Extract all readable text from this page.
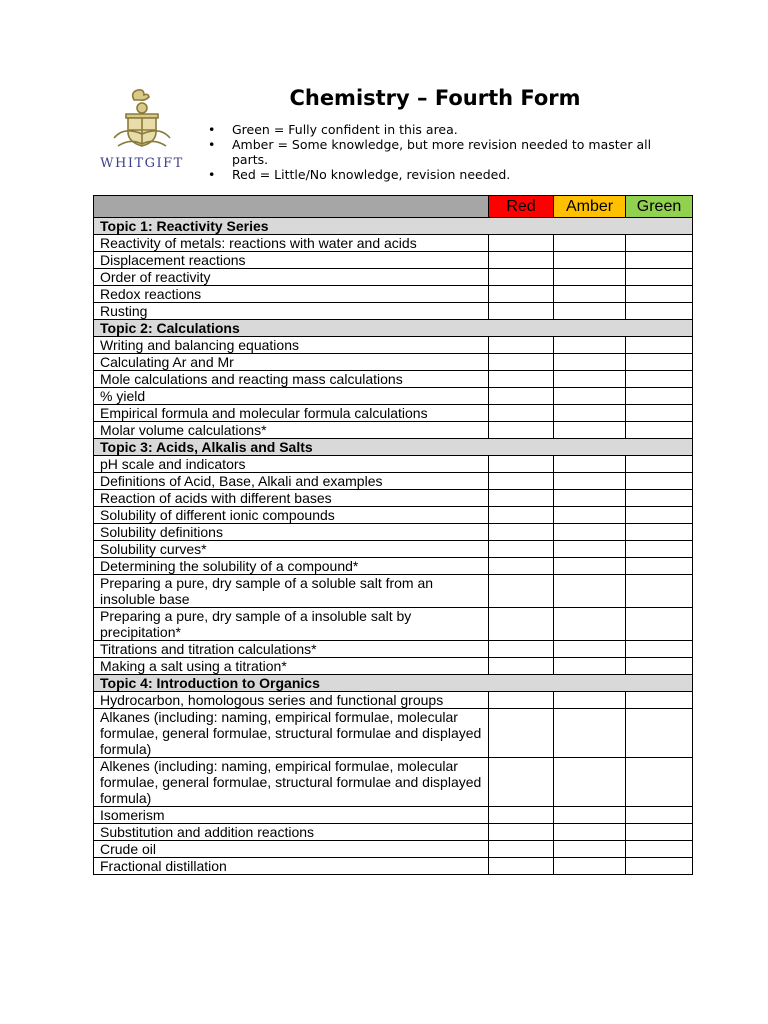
WHITGIFT
Chemistry – Fourth Form
• Green = Fully confident in this area.
• Amber = Some knowledge, but more revision needed to master all parts.
• Red = Little/No knowledge, revision needed.
	Red	Amber	Green
Topic 1: Reactivity Series			
Reactivity of metals: reactions with water and acids			
Displacement reactions			
Order of reactivity			
Redox reactions			
Rusting			
Topic 2: Calculations			
Writing and balancing equations			
Calculating Ar and Mr			
Mole calculations and reacting mass calculations			
% yield			
Empirical formula and molecular formula calculations			
Molar volume calculations*			
Topic 3: Acids, Alkalis and Salts			
pH scale and indicators			
Definitions of Acid, Base, Alkali and examples			
Reaction of acids with different bases			
Solubility of different ionic compounds			
Solubility definitions			
Solubility curves*			
Determining the solubility of a compound*			
Preparing a pure, dry sample of a soluble salt from an insoluble base			
Preparing a pure, dry sample of a insoluble salt by precipitation*			
Titrations and titration calculations*			
Making a salt using a titration*			
Topic 4: Introduction to Organics			
Hydrocarbon, homologous series and functional groups			
Alkanes (including: naming, empirical formulae, molecular formulae, general formulae, structural formulae and displayed formula)			
Alkenes (including: naming, empirical formulae, molecular formulae, general formulae, structural formulae and displayed formula)			
Isomerism			
Substitution and addition reactions			
Crude oil			
Fractional distillation			
